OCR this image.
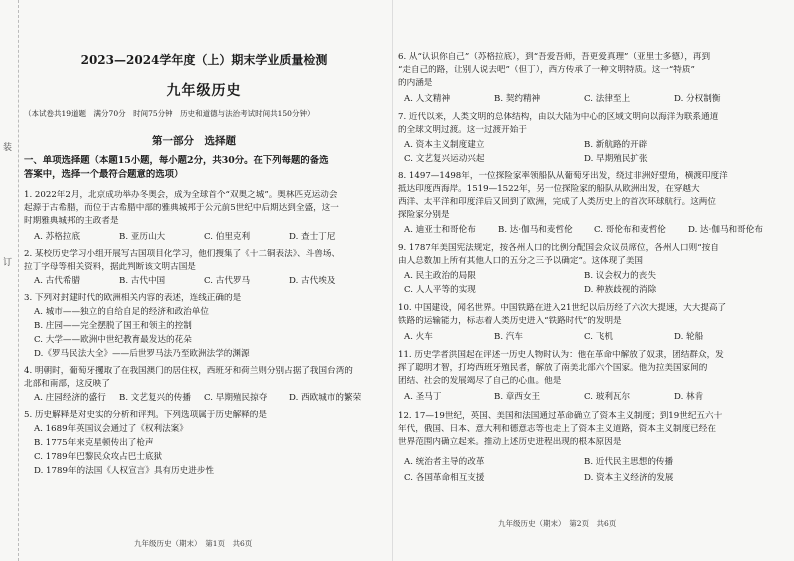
装
订
2023—2024学年度（上）期末学业质量检测
九年级历史
（本试卷共19道题　满分70分　时间75分钟　历史和道德与法治考试时间共150分钟）
第一部分　选择题
一、单项选择题（本题15小题，每小题2分，共30分。在下列每题的备选
答案中，选择一个最符合题意的选项）
1. 2022年2月，北京成功举办冬奥会，成为全球首个“双奥之城”。奥林匹克运动会
起源于古希腊，而位于古希腊中部的雅典城邦于公元前5世纪中后期达到全盛，这一
时期雅典城邦的主政者是
A. 苏格拉底	B. 亚历山大	C. 伯里克利	D. 查士丁尼
2. 某校历史学习小组开展写古国项目化学习，他们搜集了《十二铜表法》、斗兽场、
拉丁字母等相关资料，据此判断该文明古国是
A. 古代希腊	B. 古代中国	C. 古代罗马	D. 古代埃及
3. 下列对封建时代的欧洲相关内容的表述，连线正确的是
A. 城市——独立的自给自足的经济和政治单位
B. 庄园——完全摆脱了国王和领主的控制
C. 大学——欧洲中世纪教育最发达的花朵
D.《罗马民法大全》——后世罗马法乃至欧洲法学的渊源
4. 明朝时，葡萄牙攫取了在我国澳门的居住权，西班牙和荷兰则分别占据了我国台湾的
北部和南部，这反映了
A. 庄园经济的盛行 B. 文艺复兴的传播 C. 早期殖民掠夺	D. 西欧城市的繁荣
5. 历史解释是对史实的分析和评判。下列选项属于历史解释的是
A. 1689年英国议会通过了《权利法案》
B. 1775年来克星顿传出了枪声
C. 1789年巴黎民众攻占巴士底狱
D. 1789年的法国《人权宣言》具有历史进步性
九年级历史（期末）　第1页　共6页
6. 从“认识你自己”（苏格拉底），到“吾爱吾师，吾更爱真理”（亚里士多德），再到
“走自己的路，让别人说去吧”（但丁），西方传承了一种文明特质。这一“特质”
的内涵是
A. 人文精神	B. 契约精神	C. 法律至上	D. 分权制衡
7. 近代以来，人类文明的总体结构，由以大陆为中心的区域文明向以海洋为联系通道
的全球文明过渡。这一过渡开始于
A. 资本主义制度建立	B. 新航路的开辟
C. 文艺复兴运动兴起	D. 早期殖民扩张
8. 1497—1498年，一位探险家率领船队从葡萄牙出发，绕过非洲好望角，横渡印度洋
抵达印度西海岸。1519—1522年，另一位探险家的船队从欧洲出发，在穿越大
西洋、太平洋和印度洋后又回到了欧洲，完成了人类历史上的首次环球航行。这两位
探险家分别是
A. 迪亚士和哥伦布	B. 达·伽马和麦哲伦 C. 哥伦布和麦哲伦	D. 达·伽马和哥伦布
9. 1787年美国宪法规定，按各州人口的比例分配国会众议员席位，各州人口则“按自
由人总数加上所有其他人口的五分之三予以确定”。这体现了美国
A. 民主政治的局限	B. 议会权力的丧失
C. 人人平等的实现	D. 种族歧视的消除
10. 中国建设，闻名世界。中国铁路在进入21世纪以后历经了六次大提速，大大提高了
铁路的运输能力，标志着人类历史进入“铁路时代”的发明是
A. 火车	B. 汽车	C. 飞机	D. 轮船
11. 历史学者洪国起在评述一历史人物时认为：他在革命中解放了奴隶，团结群众，发
挥了聪明才智，打垮西班牙殖民者，解放了南美北部六个国家。他为拉美国家间的
团结、社会的发展竭尽了自己的心血。他是
A. 圣马丁	B. 章西女王	C. 玻利瓦尔	D. 林肯
12. 17—19世纪，英国、美国和法国通过革命确立了资本主义制度；到19世纪五六十
年代，俄国、日本、意大利和德意志等也走上了资本主义道路，资本主义制度已经在
世界范围内确立起来。推动上述历史进程出现的根本原因是
A. 统治者主导的改革	B. 近代民主思想的传播
C. 各国革命相互支援	D. 资本主义经济的发展
九年级历史（期末）　第2页　共6页
